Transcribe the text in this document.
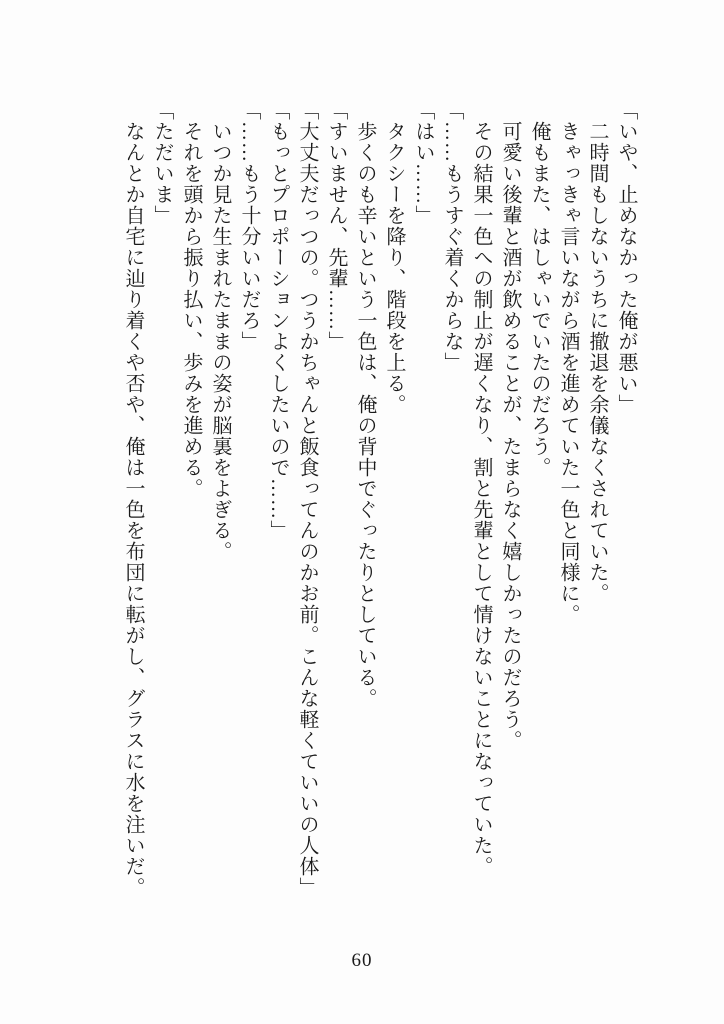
「いや、止めなかった俺が悪い」

二時間もしないうちに撤退を余儀なくされていた。

きゃっきゃ言いながら酒を進めていた一色と同様に。

俺もまた、はしゃいでいたのだろう。

可愛い後輩と酒が飲めることが、たまらなく嬉しかったのだろう。

その結果一色への制止が遅くなり、割と先輩として情けないことになっていた。

「……もうすぐ着くからな」

「はい……」

タクシーを降り、階段を上る。

歩くのも辛いという一色は、俺の背中でぐったりとしている。

「すいません、先輩……」

「大丈夫だっつの。つうかちゃんと飯食ってんのかお前。こんな軽くていいの人体」

「もっとプロポーションよくしたいので……」

「……もう十分いいだろ」

いつか見た生まれたままの姿が脳裏をよぎる。

それを頭から振り払い、歩みを進める。

「ただいま」

なんとか自宅に辿り着くや否や、俺は一色を布団に転がし、グラスに水を注いだ。

60
